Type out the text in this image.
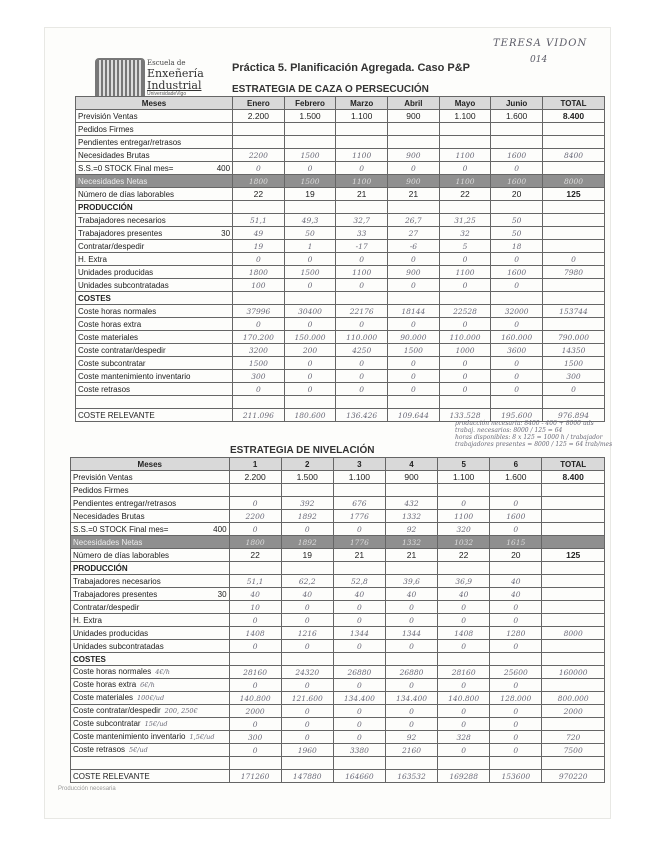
TERESA VIDON
014
Escuela de
Enxeñería
Industrial
UniversidadeVigo
Práctica 5. Planificación Agregada. Caso P&P
ESTRATEGIA DE CAZA O PERSECUCIÓN
Meses	Enero	Febrero	Marzo	Abril	Mayo	Junio	TOTAL
Previsión Ventas	2.200	1.500	1.100	900	1.100	1.600	8.400
Pedidos Firmes							
Pendientes entregar/retrasos							
Necesidades Brutas	2200	1500	1100	900	1100	1600	8400
S.S.=0 STOCK Final mes= 400	0	0	0	0	0	0	
Necesidades Netas	1800	1500	1100	900	1100	1600	8000
Número de días laborables	22	19	21	21	22	20	125
PRODUCCIÓN							
Trabajadores necesarios	51,1	49,3	32,7	26,7	31,25	50	
Trabajadores presentes 30	49	50	33	27	32	50	
Contratar/despedir	19	1	-17	-6	5	18	
H. Extra	0	0	0	0	0	0	0
Unidades producidas	1800	1500	1100	900	1100	1600	7980
Unidades subcontratadas	100	0	0	0	0	0	
COSTES							
Coste horas normales	37996	30400	22176	18144	22528	32000	153744
Coste horas extra	0	0	0	0	0	0	
Coste materiales	170.200	150.000	110.000	90.000	110.000	160.000	790.000
Coste contratar/despedir	3200	200	4250	1500	1000	3600	14350
Coste subcontratar	1500	0	0	0	0	0	1500
Coste mantenimiento inventario	300	0	0	0	0	0	300
Coste retrasos	0	0	0	0	0	0	0

COSTE RELEVANTE	211.096	180.600	136.426	109.644	133.528	195.600	976.894
producción necesaria: 8400 - 400 + 8000 uds
trabaj. necesarios: 8000 / 125 = 64
horas disponibles: 8 x 125 = 1000 h / trabajador
trabajadores presentes = 8000 / 125 = 64 trab/mes
ESTRATEGIA DE NIVELACIÓN
Meses	1	2	3	4	5	6	TOTAL
Previsión Ventas	2.200	1.500	1.100	900	1.100	1.600	8.400
Pedidos Firmes							
Pendientes entregar/retrasos	0	392	676	432	0	0	
Necesidades Brutas	2200	1892	1776	1332	1100	1600	
S.S.=0 STOCK Final mes= 400	0	0	0	92	320	0	
Necesidades Netas	1800	1892	1776	1332	1032	1615	
Número de días laborables	22	19	21	21	22	20	125
PRODUCCIÓN							
Trabajadores necesarios	51,1	62,2	52,8	39,6	36,9	40	
Trabajadores presentes 30	40	40	40	40	40	40	
Contratar/despedir	10	0	0	0	0	0	
H. Extra	0	0	0	0	0	0	
Unidades producidas	1408	1216	1344	1344	1408	1280	8000
Unidades subcontratadas	0	0	0	0	0	0	
COSTES							
Coste horas normales 4€/h	28160	24320	26880	26880	28160	25600	160000
Coste horas extra 6€/h	0	0	0	0	0	0	
Coste materiales 100€/ud	140.800	121.600	134.400	134.400	140.800	128.000	800.000
Coste contratar/despedir 200, 250€	2000	0	0	0	0	0	2000
Coste subcontratar 15€/ud	0	0	0	0	0	0	
Coste mantenimiento inventario 1,5€/ud	300	0	0	92	328	0	720
Coste retrasos 5€/ud	0	1960	3380	2160	0	0	7500

COSTE RELEVANTE	171260	147880	164660	163532	169288	153600	970220
Producción necesaria
